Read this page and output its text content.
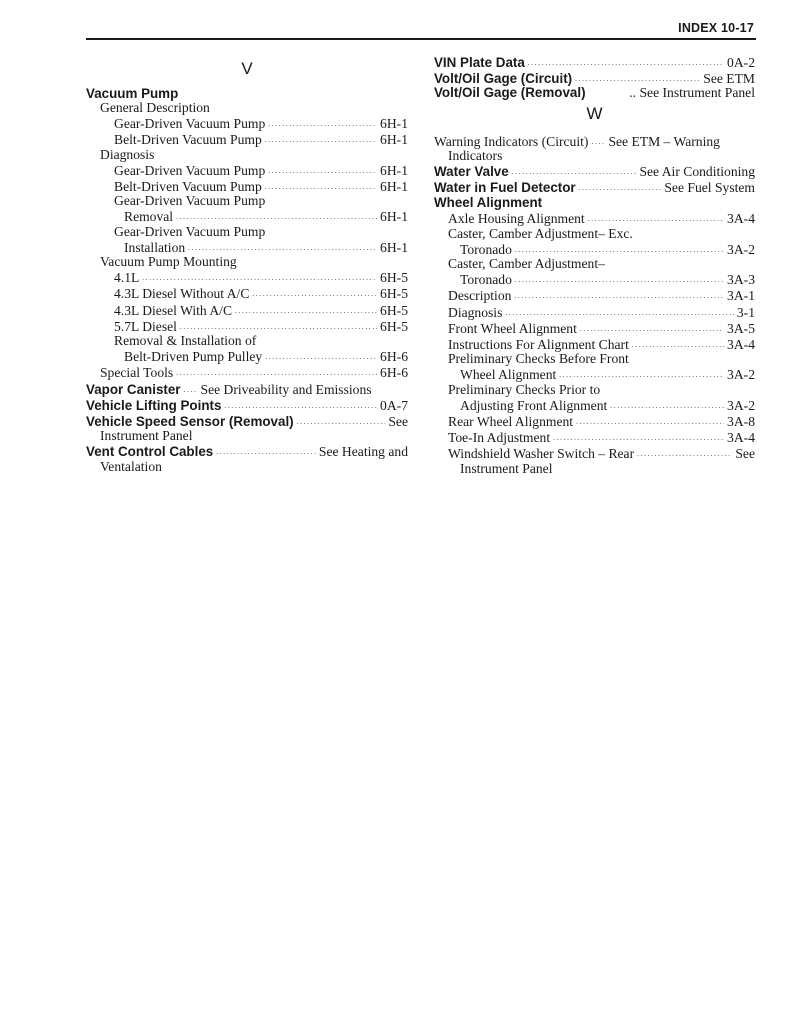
INDEX 10-17
V
Vacuum Pump
General Description
Gear-Driven Vacuum Pump . . .	6H-1
Belt-Driven Vacuum Pump . . .	6H-1
Diagnosis
Gear-Driven Vacuum Pump . . .	6H-1
Belt-Driven Vacuum Pump . . .	6H-1
Gear-Driven Vacuum Pump
Removal . . .	6H-1
Gear-Driven Vacuum Pump
Installation . . .	6H-1
Vacuum Pump Mounting
4.1L . . .	6H-5
4.3L Diesel Without A/C . . .	6H-5
4.3L Diesel With A/C . . .	6H-5
5.7L Diesel . . .	6H-5
Removal & Installation of
Belt-Driven Pump Pulley . . .	6H-6
Special Tools . . .	6H-6
Vapor Canister . . . See Driveability and Emissions
Vehicle Lifting Points . . .	0A-7
Vehicle Speed Sensor (Removal) . . .	See
Instrument Panel
Vent Control Cables . . .	See Heating and
Ventalation
VIN Plate Data . . .	0A-2
Volt/Oil Gage (Circuit) . . .	See ETM
Volt/Oil Gage (Removal)	.. See Instrument Panel
W
Warning Indicators (Circuit) . . . See ETM – Warning
Indicators
Water Valve . . .	See Air Conditioning
Water in Fuel Detector . . .	See Fuel System
Wheel Alignment
Axle Housing Alignment . . .	3A-4
Caster, Camber Adjustment– Exc.
Toronado . . .	3A-2
Caster, Camber Adjustment–
Toronado . . .	3A-3
Description . . .	3A-1
Diagnosis . . .	3-1
Front Wheel Alignment . . .	3A-5
Instructions For Alignment Chart . . .	3A-4
Preliminary Checks Before Front
Wheel Alignment . . .	3A-2
Preliminary Checks Prior to
Adjusting Front Alignment . . .	3A-2
Rear Wheel Alignment . . .	3A-8
Toe-In Adjustment . . .	3A-4
Windshield Washer Switch – Rear . . .	See
Instrument Panel
